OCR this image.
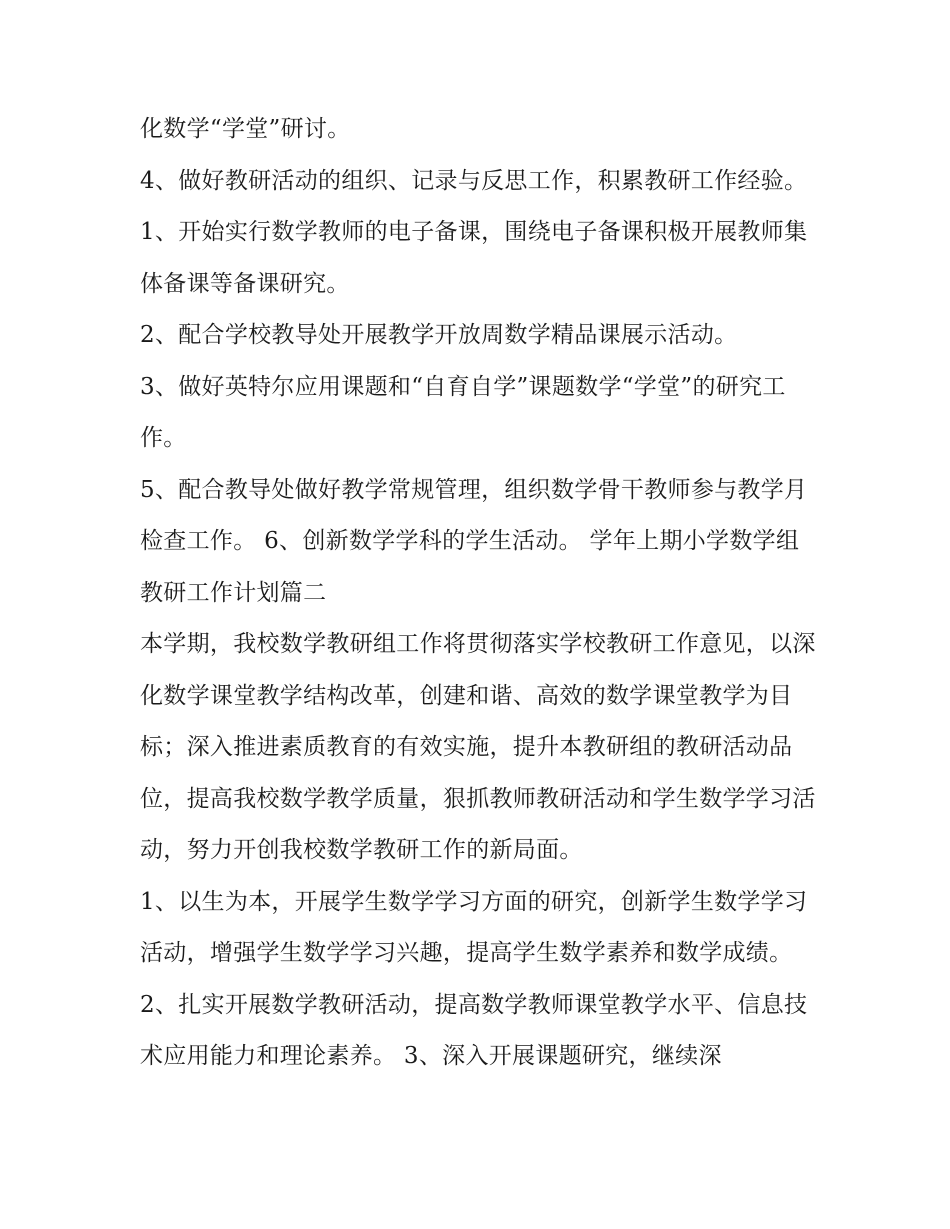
化数学“学堂”研讨。

4、做好教研活动的组织、记录与反思工作，积累教研工作经验。 1、开始实行数学教师的电子备课，围绕电子备课积极开展教师集体备课等备课研究。

2、配合学校教导处开展教学开放周数学精品课展示活动。

3、做好英特尔应用课题和“自育自学”课题数学“学堂”的研究工作。

5、配合教导处做好教学常规管理，组织数学骨干教师参与教学月检查工作。 6、创新数学学科的学生活动。 学年上期小学数学组教研工作计划篇二

本学期，我校数学教研组工作将贯彻落实学校教研工作意见，以深化数学课堂教学结构改革，创建和谐、高效的数学课堂教学为目标；深入推进素质教育的有效实施，提升本教研组的教研活动品位，提高我校数学教学质量，狠抓教师教研活动和学生数学学习活动，努力开创我校数学教研工作的新局面。

1、以生为本，开展学生数学学习方面的研究，创新学生数学学习活动，增强学生数学学习兴趣，提高学生数学素养和数学成绩。

2、扎实开展数学教研活动，提高数学教师课堂教学水平、信息技术应用能力和理论素养。 3、深入开展课题研究，继续深
